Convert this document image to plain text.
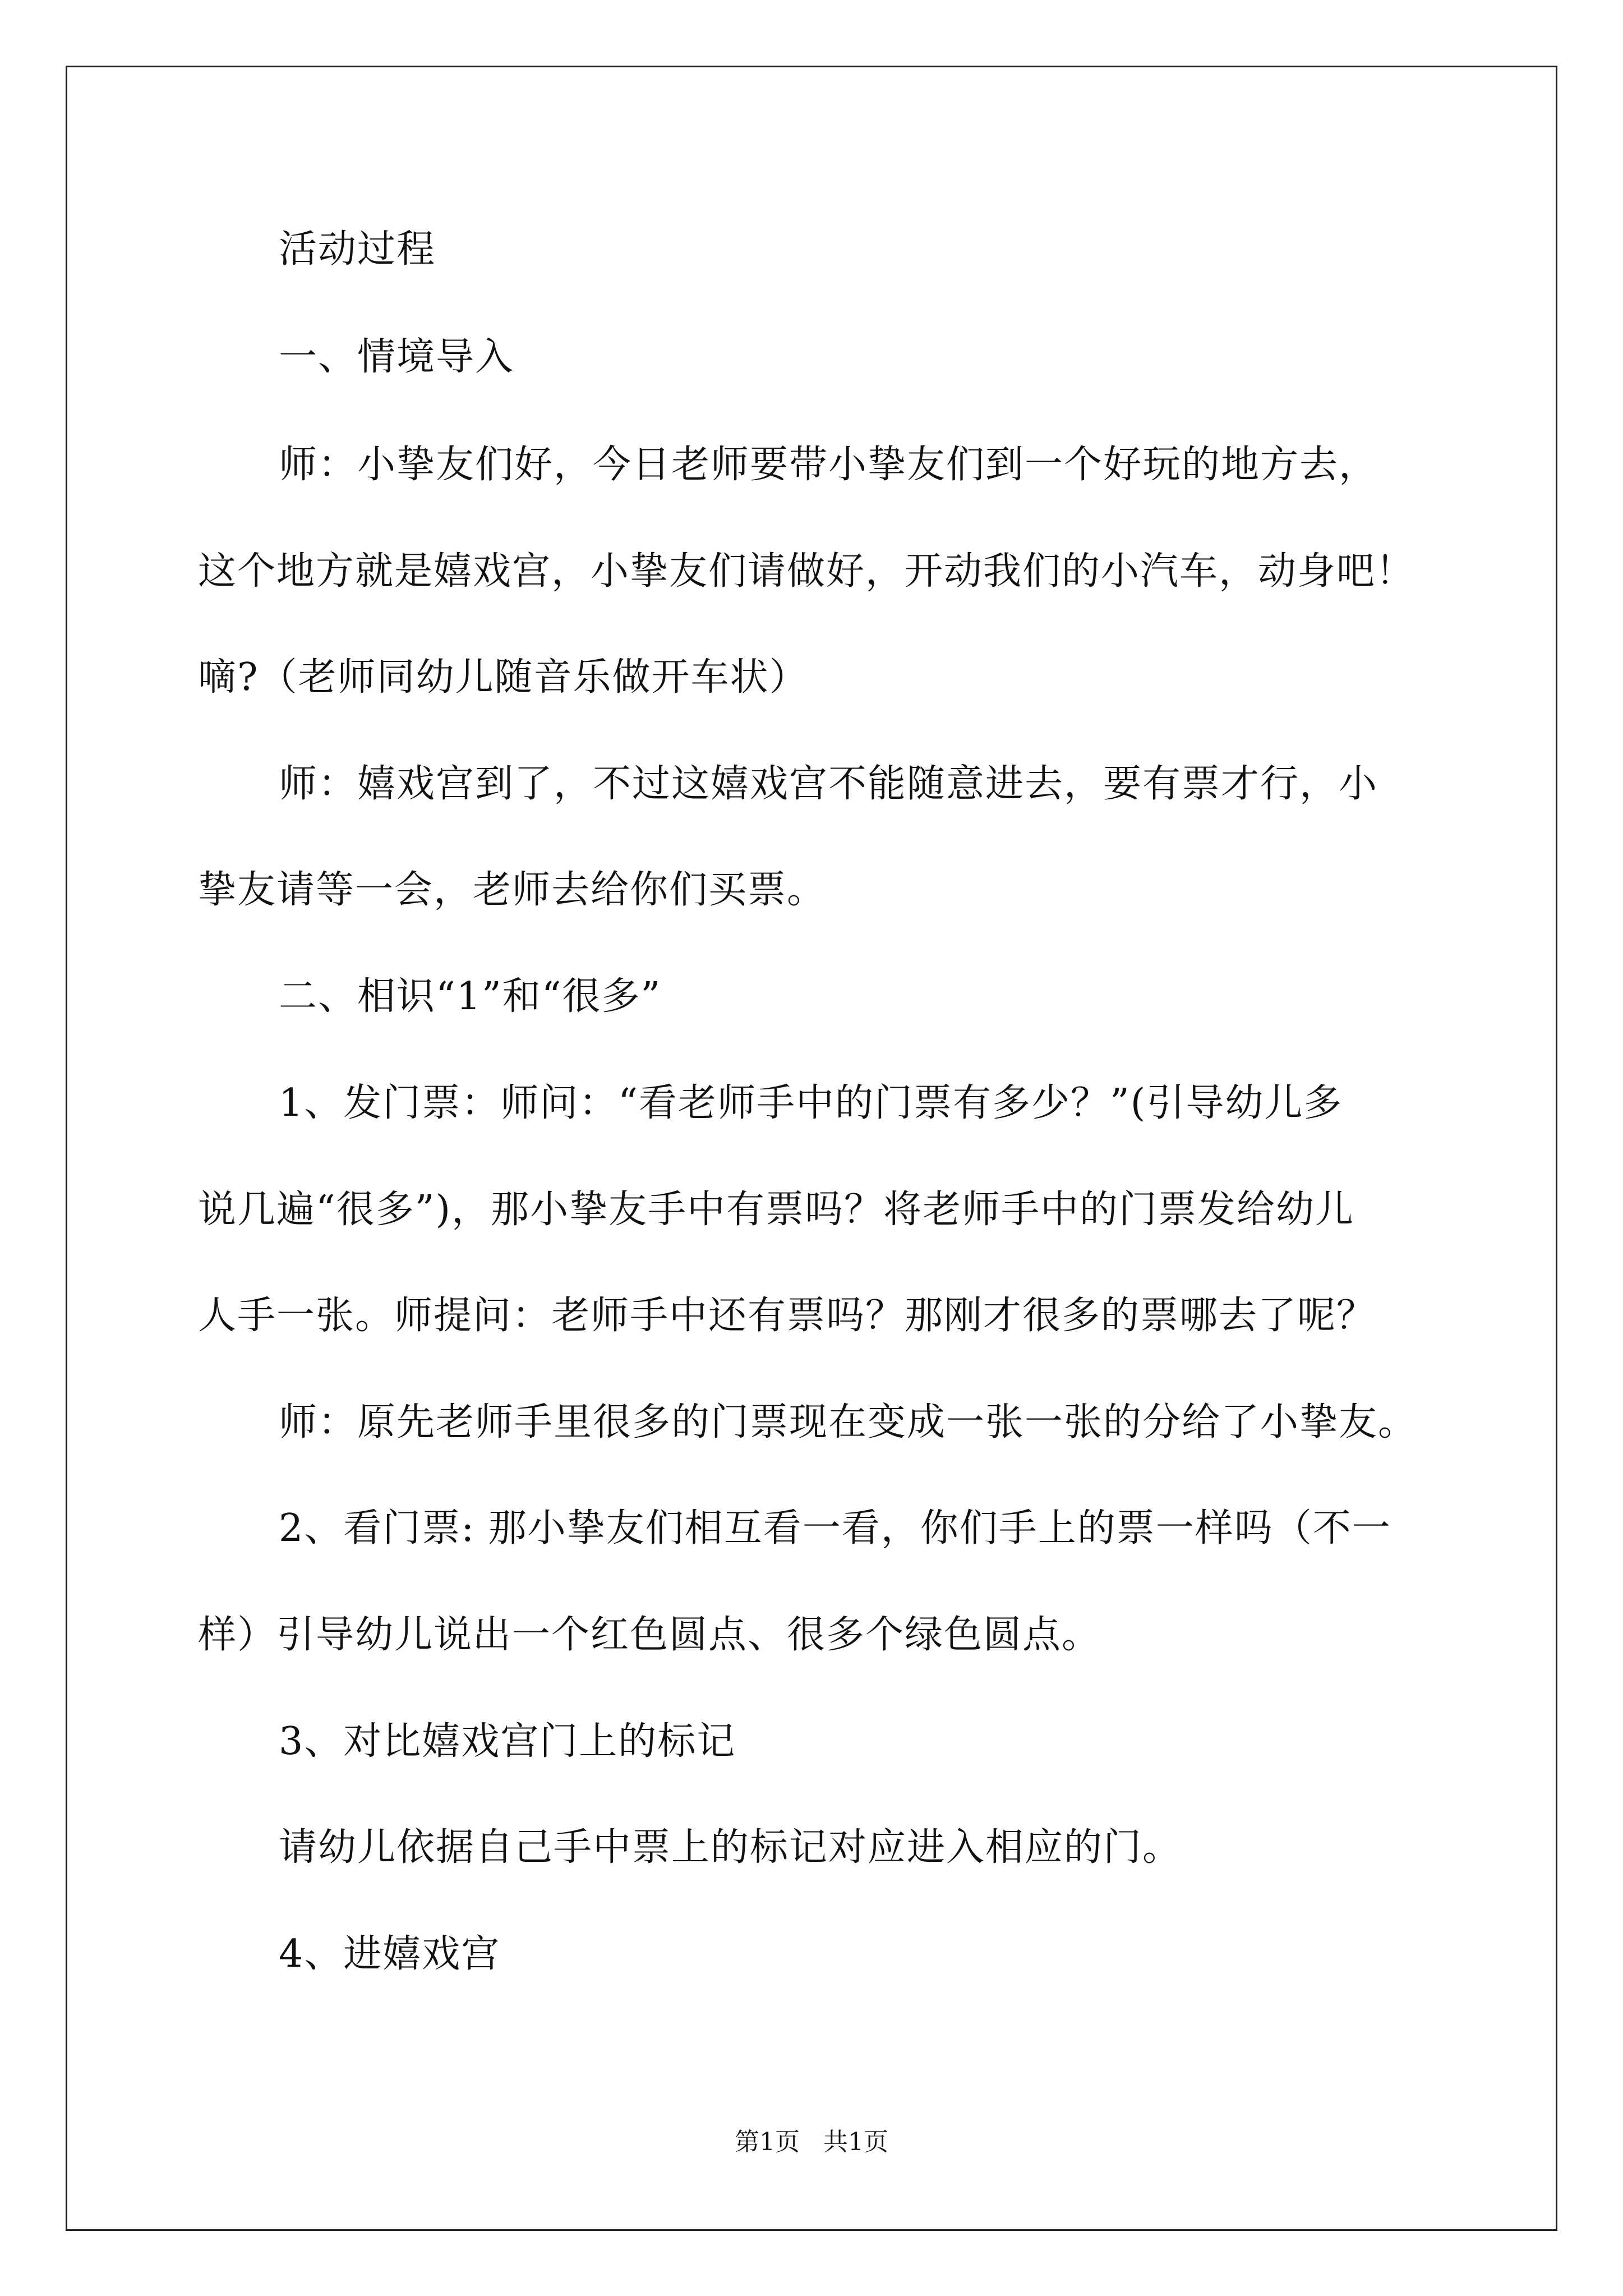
活动过程
一、情境导入
师：小挚友们好，今日老师要带小挚友们到一个好玩的地方去，
这个地方就是嬉戏宫，小挚友们请做好，开动我们的小汽车，动身吧！
嘀?（老师同幼儿随音乐做开车状）
师：嬉戏宫到了，不过这嬉戏宫不能随意进去，要有票才行，小
挚友请等一会，老师去给你们买票。
二、相识“1”和“很多”
1、发门票：师问：“看老师手中的门票有多少？”(引导幼儿多
说几遍“很多”)，那小挚友手中有票吗？将老师手中的门票发给幼儿
人手一张。师提问：老师手中还有票吗？那刚才很多的票哪去了呢？
师：原先老师手里很多的门票现在变成一张一张的分给了小挚友。
2、看门票: 那小挚友们相互看一看，你们手上的票一样吗（不一
样）引导幼儿说出一个红色圆点、很多个绿色圆点。
3、对比嬉戏宫门上的标记
请幼儿依据自己手中票上的标记对应进入相应的门。
4、进嬉戏宫
第1页 共1页
